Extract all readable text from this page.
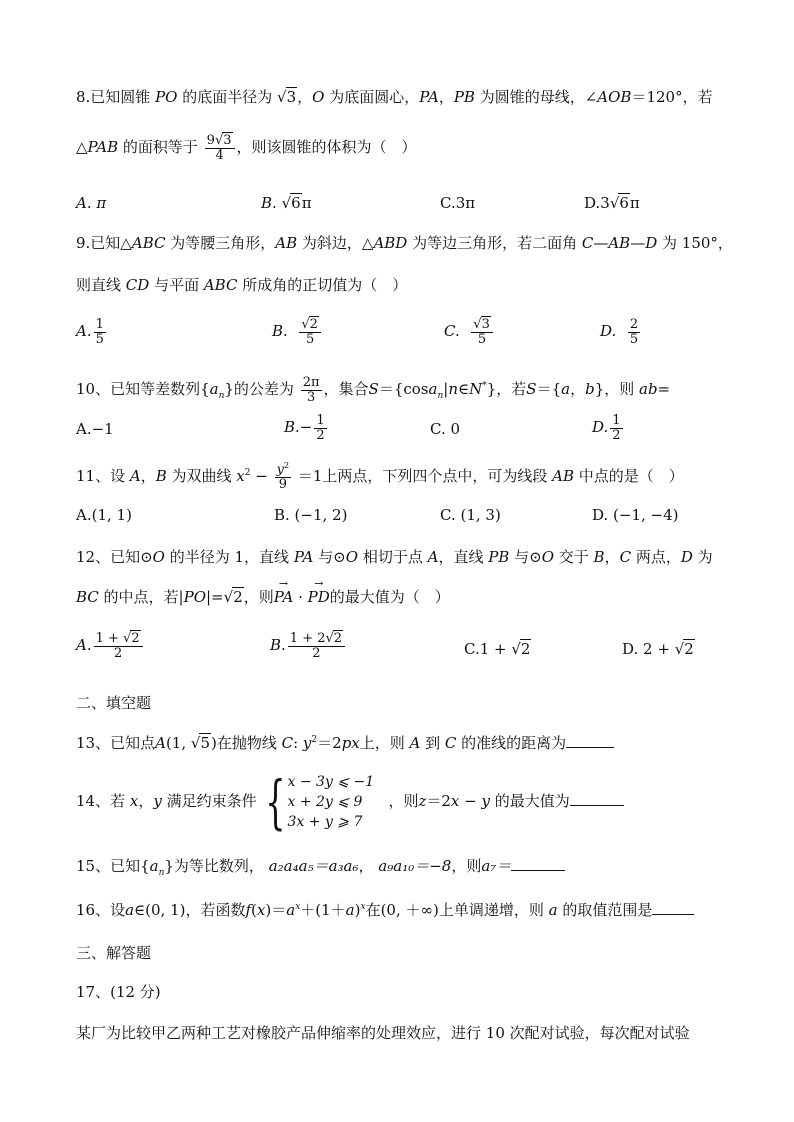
8.已知圆锥 PO 的底面半径为 √3，O 为底面圆心，PA，PB 为圆锥的母线，∠AOB＝120°，若
△PAB 的面积等于 $\frac{9√3}{4}$ ，则该圆锥的体积为（　）
A. π	B. √6π	C.3π	D.3√6π
9.已知△ABC 为等腰三角形，AB 为斜边，△ABD 为等边三角形，若二面角 C—AB—D 为 150°，
则直线 CD 与平面 ABC 所成角的正切值为（　）
A. $\frac{1}{5}$	B. $\frac{√2}{5}$	C. $\frac{√3}{5}$	D. $\frac{2}{5}$
10、已知等差数列$\{a_n\}$的公差为 $\frac{2\pi}{3}$ ，集合S＝{cosa$_n$|n∈N*}，若S＝{a，b}，则 ab=
A.−1	$B.- \frac{1}{2}$	C. 0	D. $\frac{1}{2}$
11、设 A，B 为双曲线 $x^2 - \frac{y^2}{9} =1$上两点，下列四个点中，可为线段 AB 中点的是（　）
A.(1, 1)	B. (−1, 2)	C. (1, 3)	D. (−1, −4)
12、已知⊙O 的半径为 1，直线 PA 与⊙O 相切于点 A，直线 PB 与⊙O 交于 B，C 两点，D 为
BC 的中点，若|PO|=√2，则→ PA · → PD的最大值为（　）
A. $\frac{1 + √2}{2}$	B. $\frac{1 + 2√2}{2}$	C.1 + √2	D. 2 + √2
二、填空题
13、已知点A(1, √5)在抛物线 C: $y^2=2px$上，则 A 到 C 的准线的距离为
14、若 x，y 满足约束条件 { x − 3y ⩽ −1
x + 2y ⩽ 9
3x + y ⩾ 7
，则z＝2x − y 的最大值为
15、已知$\{a_n\}$为等比数列， a₂a₄a₅＝a₃a₆， a₉a₁₀＝−8，则a₇＝
16、设a∈(0, 1)，若函数$f(x)=a^x+(1+a)^x$在(0, ＋∞)上单调递增，则 a 的取值范围是
三、解答题
17、(12 分)
某厂为比较甲乙两种工艺对橡胶产品伸缩率的处理效应，进行 10 次配对试验，每次配对试验
